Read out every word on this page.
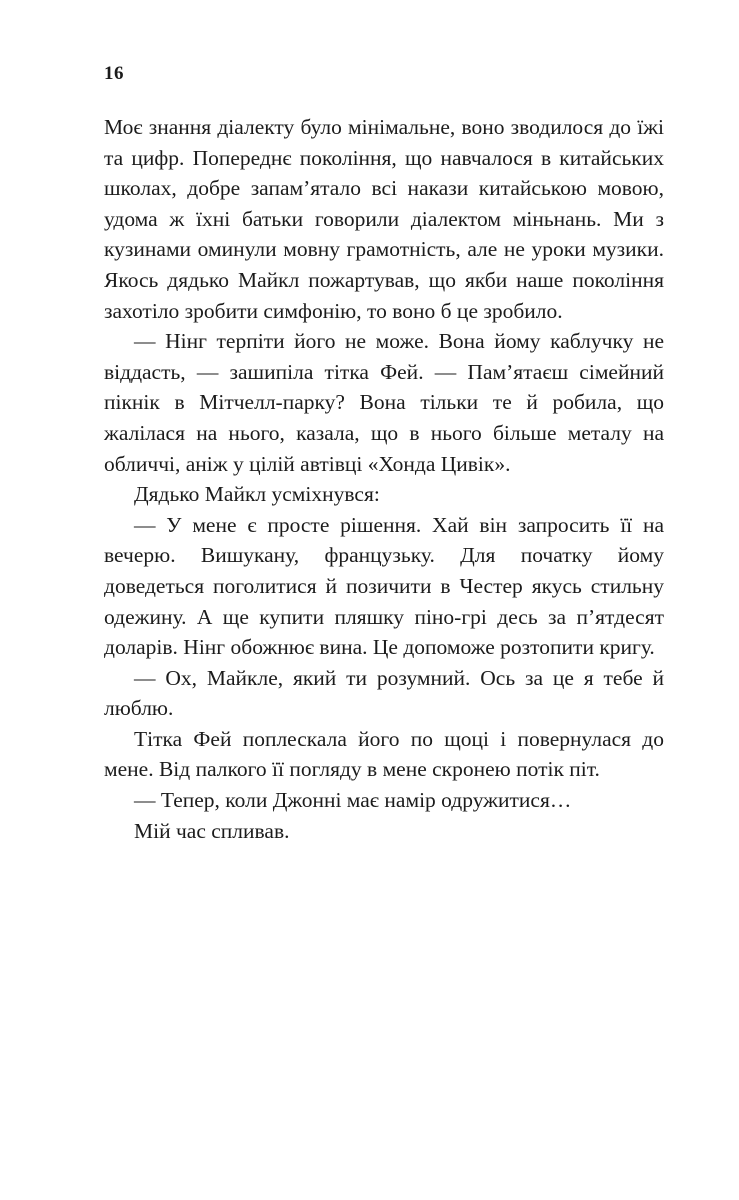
16

Моє знання діалекту було мінімальне, воно зводилося до їжі та цифр. Попереднє покоління, що навчалося в китайських школах, добре запам’ятало всі накази китайською мовою, удома ж їхні батьки говорили діалектом міньнань. Ми з кузинами оминули мовну грамотність, але не уроки музики. Якось дядько Майкл пожартував, що якби наше покоління захотіло зробити симфонію, то воно б це зробило.

— Нінг терпіти його не може. Вона йому каблучку не віддасть, — зашипіла тітка Фей. — Пам’ятаєш сімейний пікнік в Мітчелл-парку? Вона тільки те й робила, що жалілася на нього, казала, що в нього більше металу на обличчі, аніж у цілій автівці «Хонда Цивік».

Дядько Майкл усміхнувся:

— У мене є просте рішення. Хай він запросить її на вечерю. Вишукану, французьку. Для початку йому доведеться поголитися й позичити в Честер якусь стильну одежину. А ще купити пляшку піно-грі десь за п’ятдесят доларів. Нінг обожнює вина. Це допоможе розтопити кригу.

— Ох, Майкле, який ти розумний. Ось за це я тебе й люблю.

Тітка Фей поплескала його по щоці і повернулася до мене. Від палкого її погляду в мене скронею потік піт.

— Тепер, коли Джонні має намір одружитися…

Мій час спливав.
